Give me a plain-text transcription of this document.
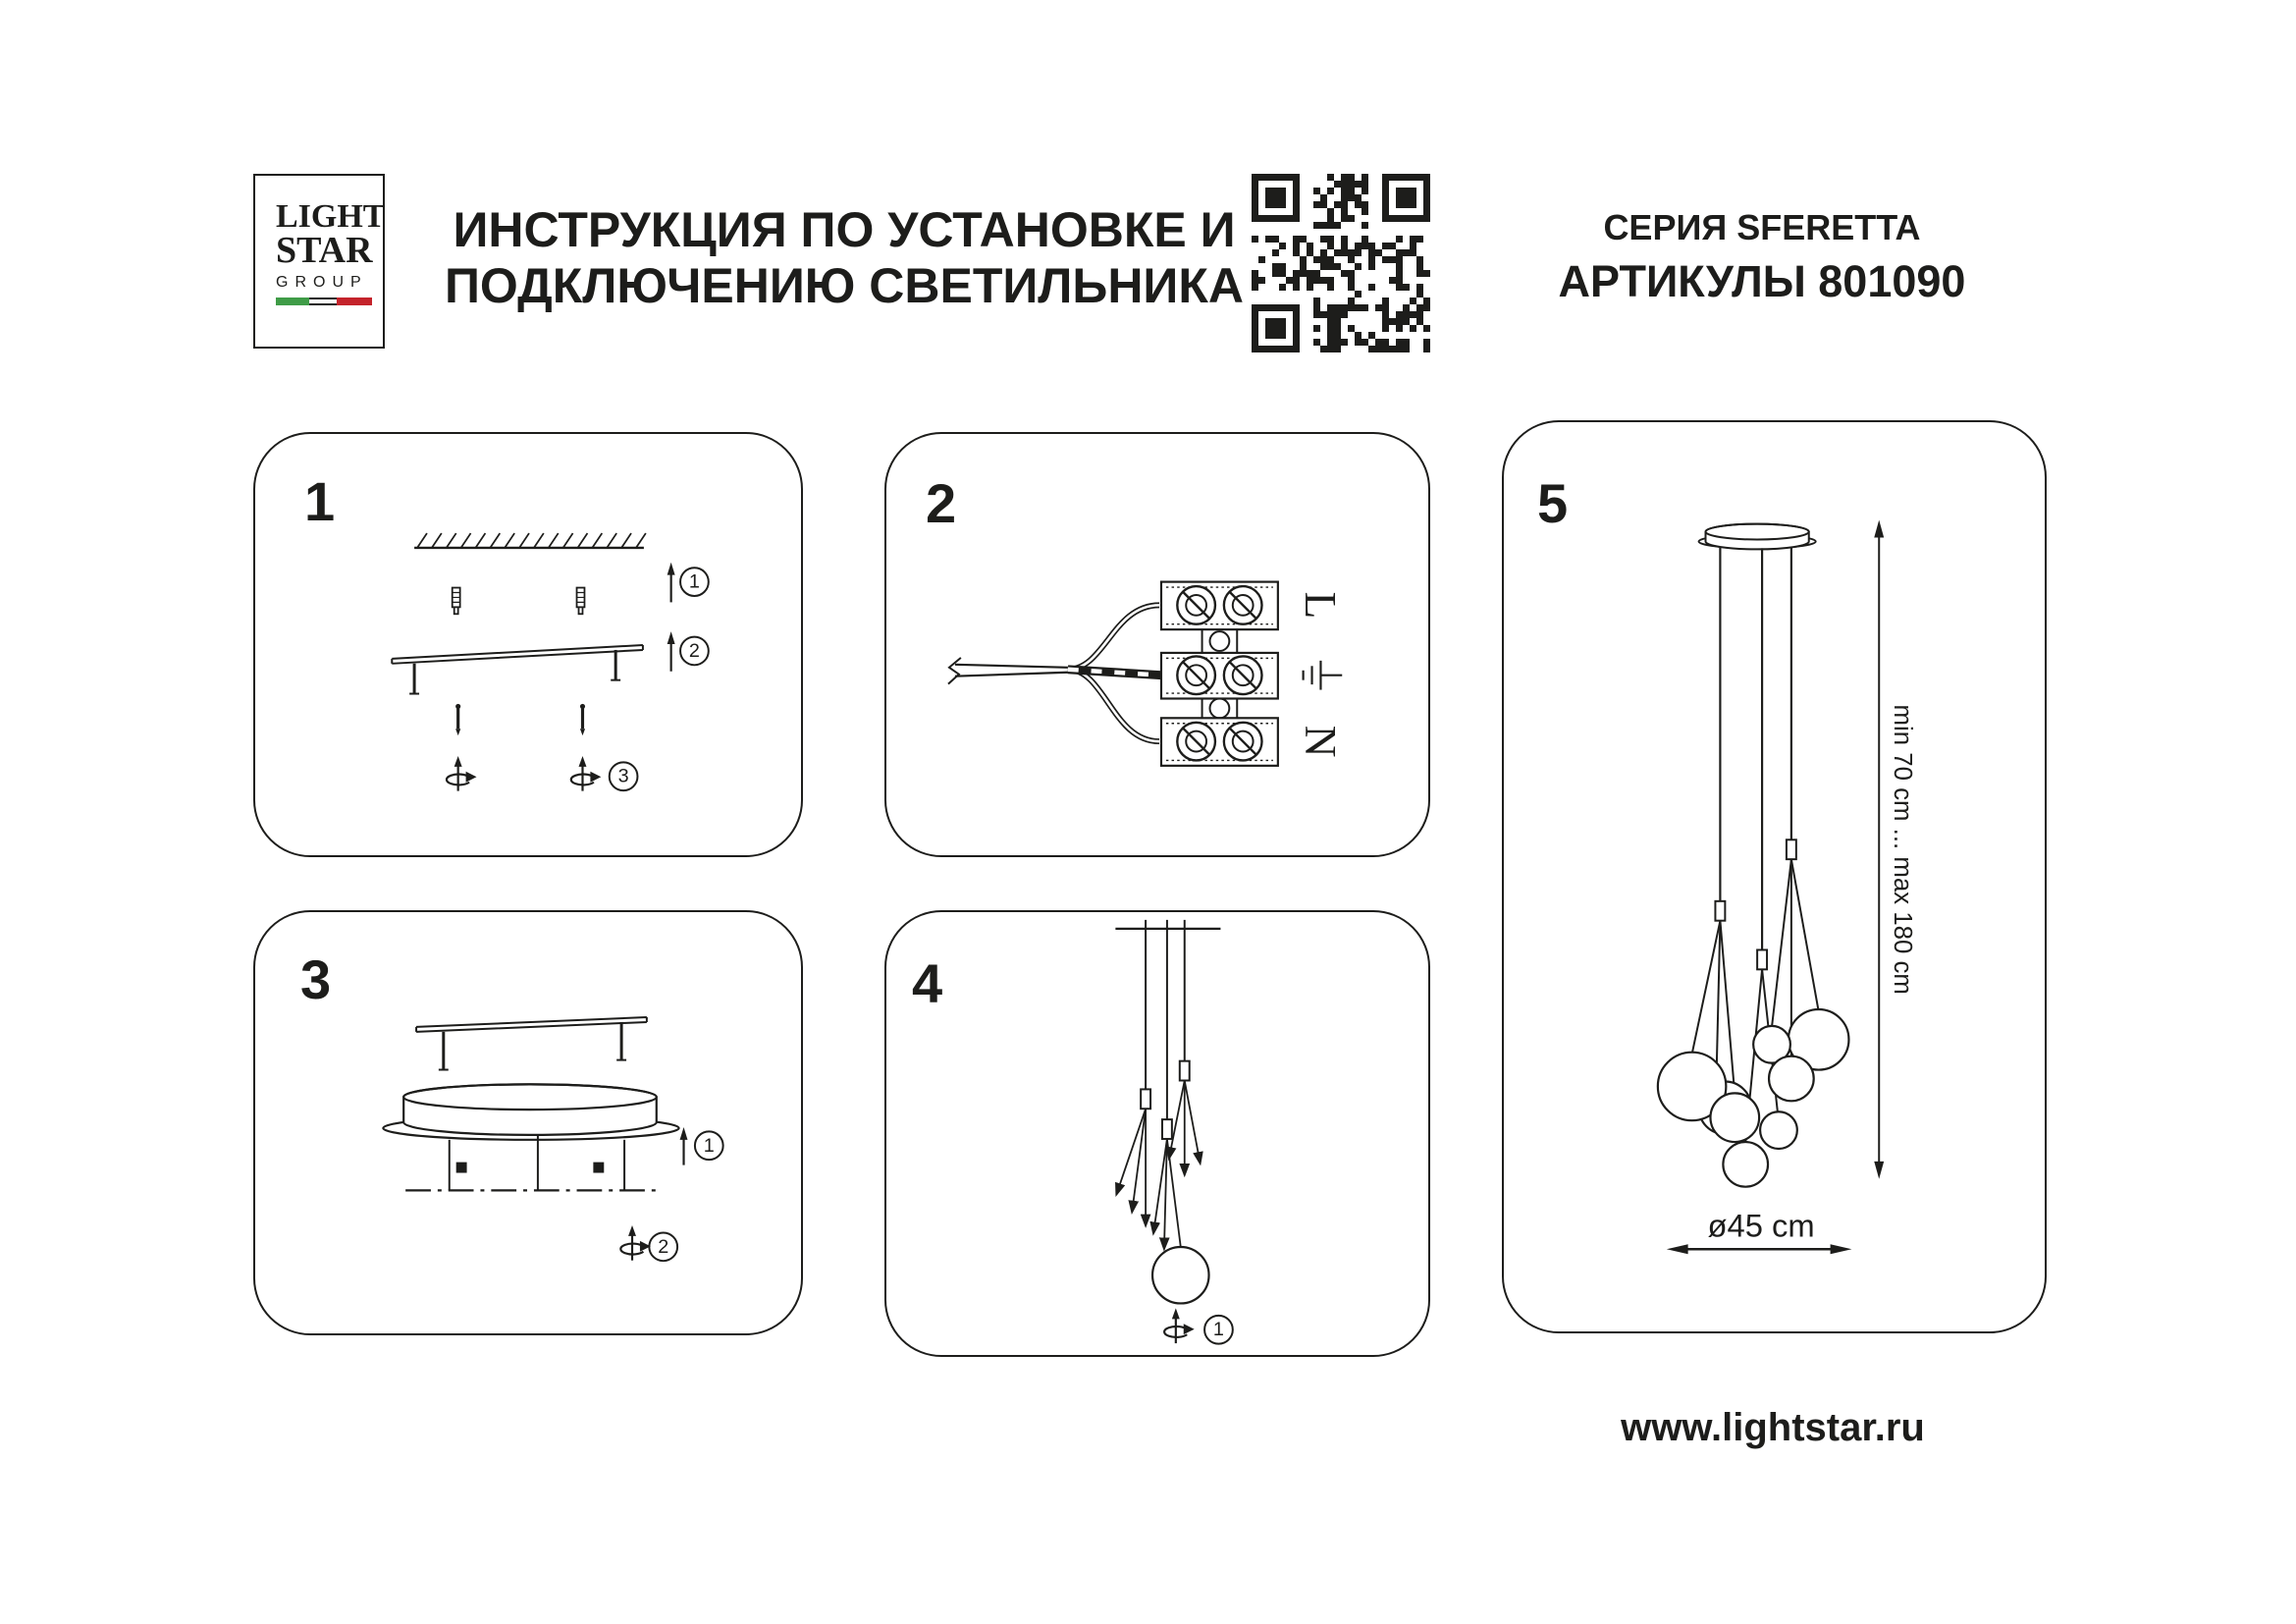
LIGHT
STAR
GROUP
ИНСТРУКЦИЯ ПО УСТАНОВКЕ И
ПОДКЛЮЧЕНИЮ СВЕТИЛЬНИКА
СЕРИЯ SFERETTA
АРТИКУЛЫ 801090
1
1
2
3
2
L
N
3
1
2
4
1
5
min 70 cm ... max 180 cm
ø45 cm
www.lightstar.ru
